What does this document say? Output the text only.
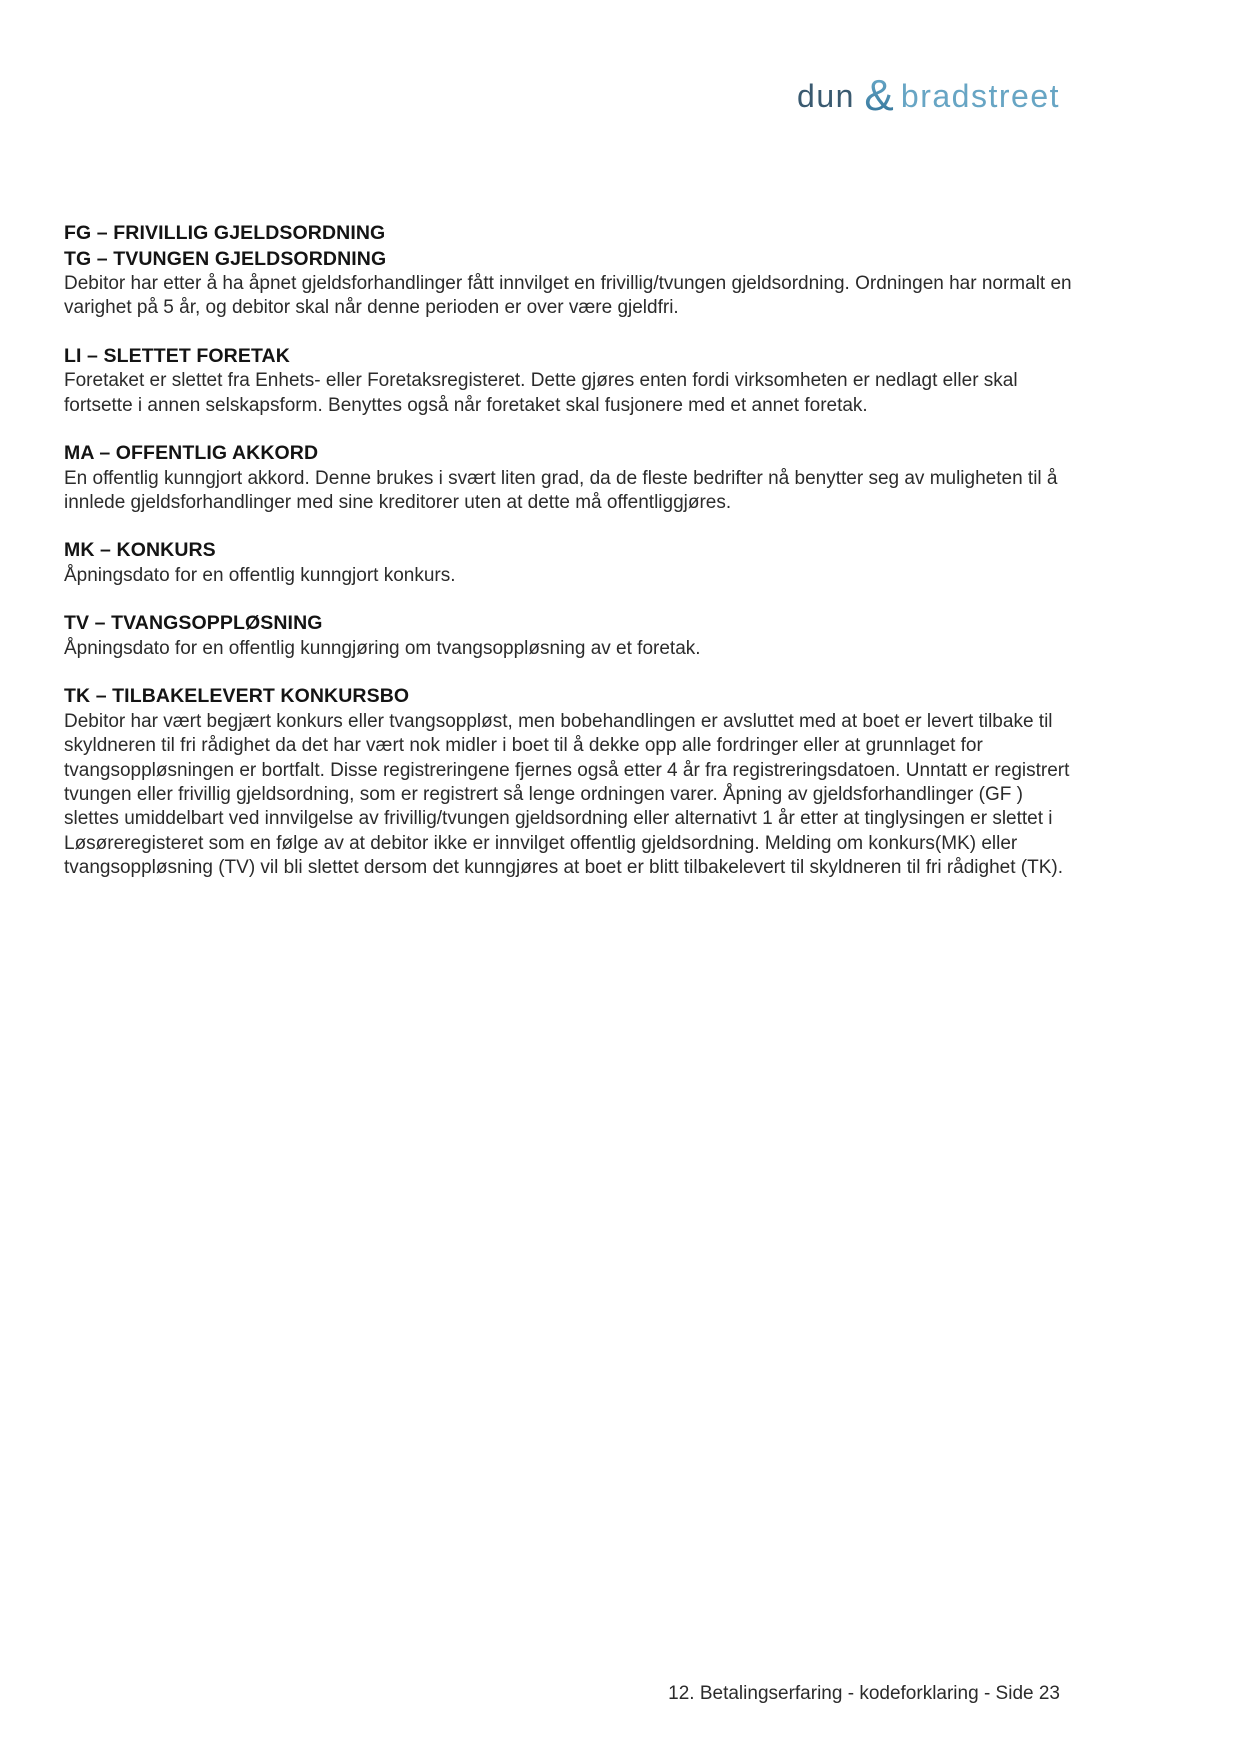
dun & bradstreet
FG – FRIVILLIG GJELDSORDNING
TG – TVUNGEN GJELDSORDNING

Debitor har etter å ha åpnet gjeldsforhandlinger fått innvilget en frivillig/tvungen gjeldsordning. Ordningen har normalt en varighet på 5 år, og debitor skal når denne perioden er over være gjeldfri.

LI – SLETTET FORETAK

Foretaket er slettet fra Enhets- eller Foretaksregisteret. Dette gjøres enten fordi virksomheten er nedlagt eller skal fortsette i annen selskapsform. Benyttes også når foretaket skal fusjonere med et annet foretak.

MA – OFFENTLIG AKKORD

En offentlig kunngjort akkord. Denne brukes i svært liten grad, da de fleste bedrifter nå benytter seg av muligheten til å innlede gjeldsforhandlinger med sine kreditorer uten at dette må offentliggjøres.

MK – KONKURS

Åpningsdato for en offentlig kunngjort konkurs.

TV – TVANGSOPPLØSNING

Åpningsdato for en offentlig kunngjøring om tvangsoppløsning av et foretak.

TK – TILBAKELEVERT KONKURSBO

Debitor har vært begjært konkurs eller tvangsoppløst, men bobehandlingen er avsluttet med at boet er levert tilbake til skyldneren til fri rådighet da det har vært nok midler i boet til å dekke opp alle fordringer eller at grunnlaget for tvangsoppløsningen er bortfalt. Disse registreringene fjernes også etter 4 år fra registreringsdatoen. Unntatt er registrert tvungen eller frivillig gjeldsordning, som er registrert så lenge ordningen varer. Åpning av gjeldsforhandlinger (GF ) slettes umiddelbart ved innvilgelse av frivillig/tvungen gjeldsordning eller alternativt 1 år etter at tinglysingen er slettet i Løsøreregisteret som en følge av at debitor ikke er innvilget offentlig gjeldsordning. Melding om konkurs(MK) eller tvangsoppløsning (TV) vil bli slettet dersom det kunngjøres at boet er blitt tilbakelevert til skyldneren til fri rådighet (TK).

12. Betalingserfaring - kodeforklaring - Side 23
